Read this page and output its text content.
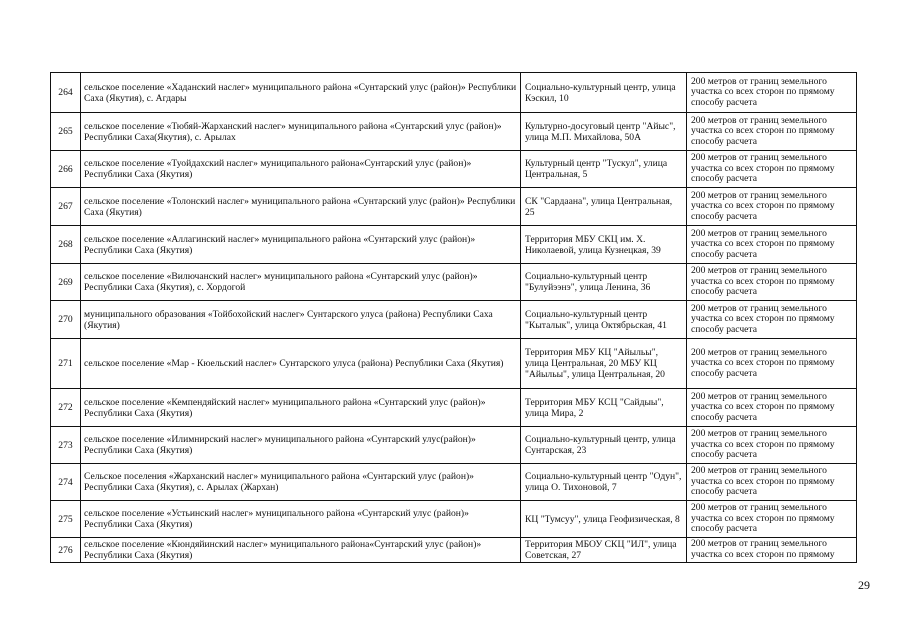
264	сельское поселение «Хаданский наслег» муниципального района «Сунтарский улус (район)» Республики Саха (Якутия), с. Агдары	Социально-культурный центр, улица Кэскил, 10	200 метров от границ земельного участка со всех сторон по прямому способу расчета
265	сельское поселение «Тюбяй-Жарханский наслег» муниципального района «Сунтарский улус (район)» Республики Саха(Якутия), с. Арылах	Культурно-досуговый центр "Айыс", улица М.П. Михайлова, 50А	200 метров от границ земельного участка со всех сторон по прямому способу расчета
266	сельское поселение «Туойдахский наслег» муниципального района«Сунтарский улус (район)» Республики Саха (Якутия)	Культурный центр "Тускул", улица Центральная, 5	200 метров от границ земельного участка со всех сторон по прямому способу расчета
267	сельское поселение «Толонский наслег» муниципального района «Сунтарский улус (район)» Республики Саха (Якутия)	СК "Сардаана", улица Центральная, 25	200 метров от границ земельного участка со всех сторон по прямому способу расчета
268	сельское поселение «Аллагинский наслег» муниципального района «Сунтарский улус (район)» Республики Саха (Якутия)	Территория МБУ СКЦ им. Х. Николаевой, улица Кузнецкая, 39	200 метров от границ земельного участка со всех сторон по прямому способу расчета
269	сельское поселение «Вилючанский наслег» муниципального района «Сунтарский улус (район)» Республики Саха (Якутия), с. Хордогой	Социально-культурный центр "Булуйээнэ", улица Ленина, 36	200 метров от границ земельного участка со всех сторон по прямому способу расчета
270	муниципального образования «Тойбохойский наслег» Сунтарского улуса (района) Республики Саха (Якутия)	Социально-культурный центр "Кыталык", улица Октябрьская, 41	200 метров от границ земельного участка со всех сторон по прямому способу расчета
271	сельское поселение «Мар - Кюельский наслег» Сунтарского улуса (района) Республики Саха (Якутия)	Территория МБУ КЦ "Айыльы", улица Центральная, 20 МБУ КЦ "Айыльы", улица Центральная, 20	200 метров от границ земельного участка со всех сторон по прямому способу расчета
272	сельское поселение «Кемпендяйский наслег» муниципального района «Сунтарский улус (район)» Республики Саха (Якутия)	Территория МБУ КСЦ "Сайдыы", улица Мира, 2	200 метров от границ земельного участка со всех сторон по прямому способу расчета
273	сельское поселение «Илимнирский наслег» муниципального района «Сунтарский улус(район)» Республики Саха (Якутия)	Социально-культурный центр, улица Сунтарская, 23	200 метров от границ земельного участка со всех сторон по прямому способу расчета
274	Сельское поселения «Жарханский наслег» муниципального района «Сунтарский улус (район)» Республики Саха (Якутия), с. Арылах (Жархан)	Социально-культурный центр "Одун", улица О. Тихоновой, 7	200 метров от границ земельного участка со всех сторон по прямому способу расчета
275	сельское поселение «Устьинский наслег» муниципального района «Сунтарский улус (район)» Республики Саха (Якутия)	КЦ "Тумсуу", улица Геофизическая, 8	200 метров от границ земельного участка со всех сторон по прямому способу расчета
276	сельское поселение «Кюндяйинский наслег» муниципального района«Сунтарский улус (район)» Республики Саха (Якутия)	Территория МБОУ СКЦ "ИЛ", улица Советская, 27	200 метров от границ земельного участка со всех сторон по прямому
29
